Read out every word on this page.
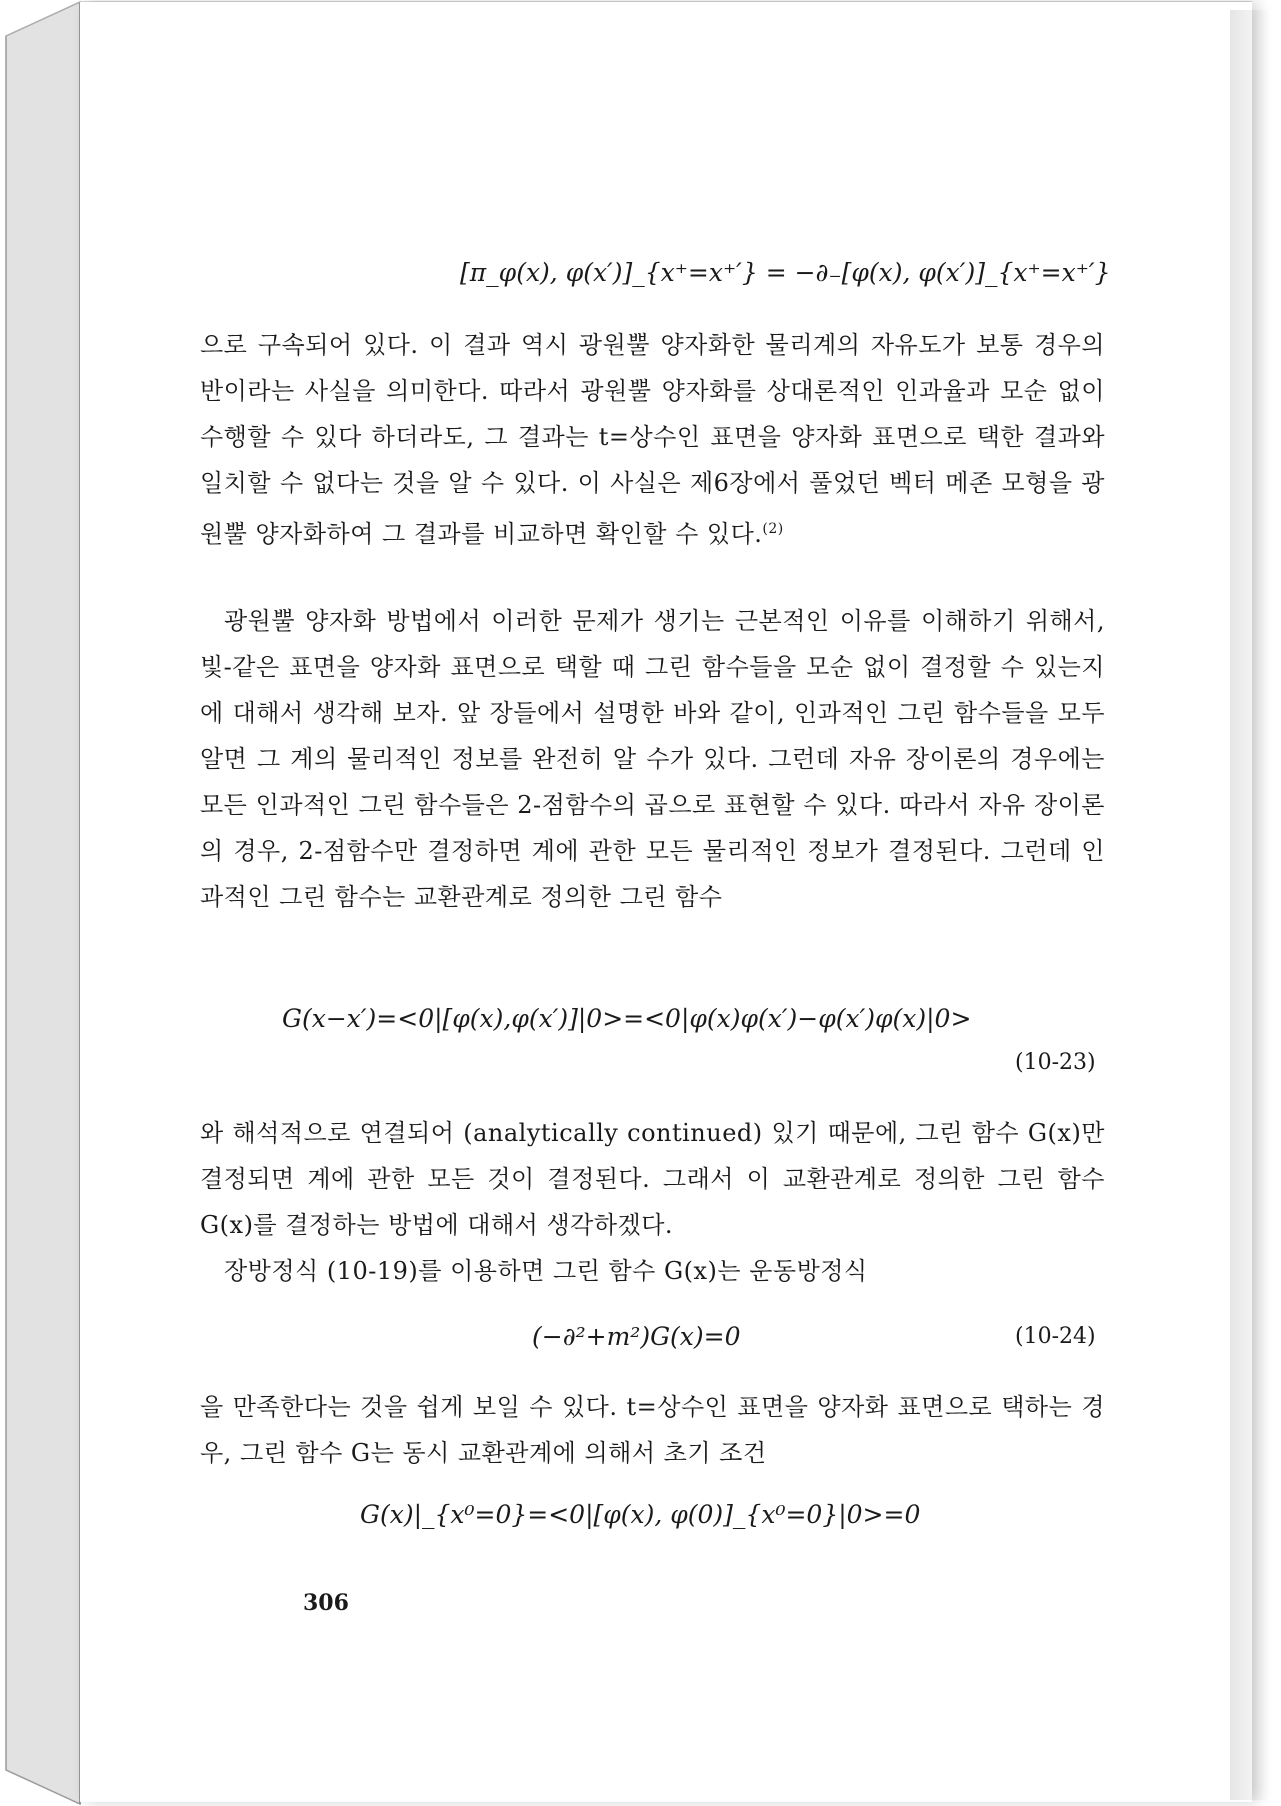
[π_φ(x), φ(x′)]_{x⁺=x⁺′} = −∂₋[φ(x), φ(x′)]_{x⁺=x⁺′}
으로 구속되어 있다. 이 결과 역시 광원뿔 양자화한 물리계의 자유도가 보통 경우의 반이라는 사실을 의미한다. 따라서 광원뿔 양자화를 상대론적인 인과율과 모순 없이 수행할 수 있다 하더라도, 그 결과는 t=상수인 표면을 양자화 표면으로 택한 결과와 일치할 수 없다는 것을 알 수 있다. 이 사실은 제6장에서 풀었던 벡터 메존 모형을 광원뿔 양자화하여 그 결과를 비교하면 확인할 수 있다.$^{(2)}$
광원뿔 양자화 방법에서 이러한 문제가 생기는 근본적인 이유를 이해하기 위해서, 빛-같은 표면을 양자화 표면으로 택할 때 그린 함수들을 모순 없이 결정할 수 있는지에 대해서 생각해 보자. 앞 장들에서 설명한 바와 같이, 인과적인 그린 함수들을 모두 알면 그 계의 물리적인 정보를 완전히 알 수가 있다. 그런데 자유 장이론의 경우에는 모든 인과적인 그린 함수들은 2-점함수의 곱으로 표현할 수 있다. 따라서 자유 장이론의 경우, 2-점함수만 결정하면 계에 관한 모든 물리적인 정보가 결정된다. 그런데 인과적인 그린 함수는 교환관계로 정의한 그린 함수
G(x−x′)=<0|[φ(x),φ(x′)]|0>=<0|φ(x)φ(x′)−φ(x′)φ(x)|0>
(10-23)
와 해석적으로 연결되어 (analytically continued) 있기 때문에, 그린 함수 G(x)만 결정되면 계에 관한 모든 것이 결정된다. 그래서 이 교환관계로 정의한 그린 함수 G(x)를 결정하는 방법에 대해서 생각하겠다.
장방정식 (10-19)를 이용하면 그린 함수 G(x)는 운동방정식
(−∂²+m²)G(x)=0	(10-24)
을 만족한다는 것을 쉽게 보일 수 있다. t=상수인 표면을 양자화 표면으로 택하는 경우, 그린 함수 G는 동시 교환관계에 의해서 초기 조건
G(x)|_{x⁰=0}=<0|[φ(x), φ(0)]_{x⁰=0}|0>=0
306
